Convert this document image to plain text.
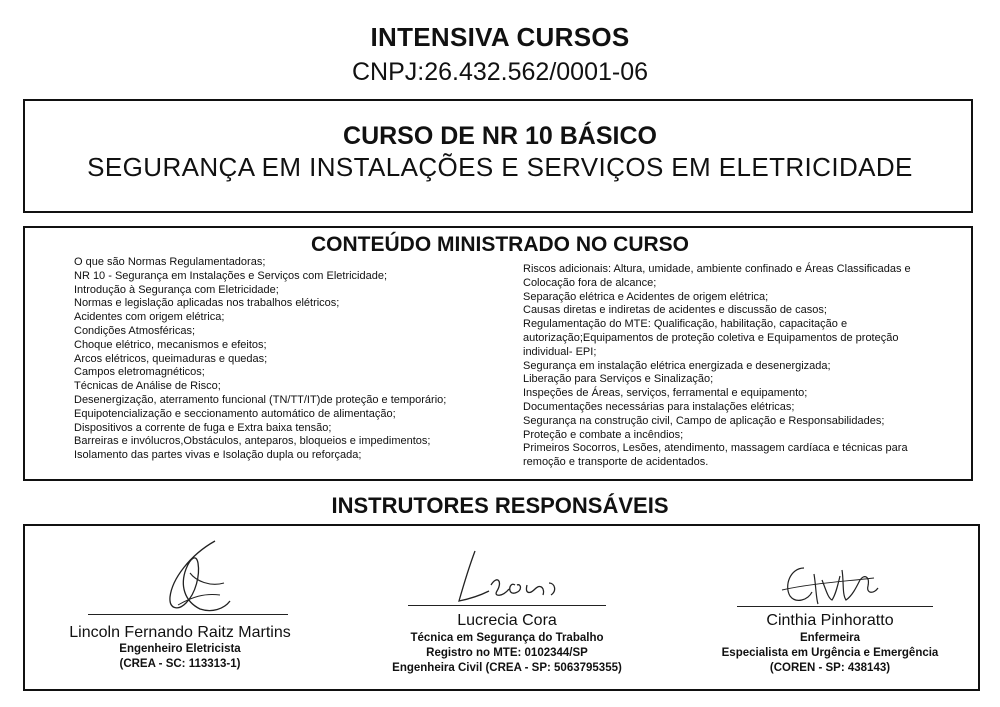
INTENSIVA CURSOS
CNPJ:26.432.562/0001-06
CURSO DE NR 10 BÁSICO
SEGURANÇA EM INSTALAÇÕES E SERVIÇOS EM ELETRICIDADE
CONTEÚDO MINISTRADO NO CURSO
O que são Normas Regulamentadoras;
NR 10 - Segurança em Instalações e Serviços com Eletricidade;
Introdução à Segurança com Eletricidade;
Normas e legislação aplicadas nos trabalhos elétricos;
Acidentes com origem elétrica;
Condições Atmosféricas;
Choque elétrico, mecanismos e efeitos;
Arcos elétricos, queimaduras e quedas;
Campos eletromagnéticos;
Técnicas de Análise de Risco;
Desenergização, aterramento funcional (TN/TT/IT)de proteção e temporário;
Equipotencialização e seccionamento automático de alimentação;
Dispositivos a corrente de fuga e Extra baixa tensão;
Barreiras e invólucros,Obstáculos, anteparos, bloqueios e impedimentos;
Isolamento das partes vivas e Isolação dupla ou reforçada;
Riscos adicionais: Altura, umidade, ambiente confinado e Áreas Classificadas e Colocação fora de alcance;
Separação elétrica e Acidentes de origem elétrica;
Causas diretas e indiretas de acidentes e discussão de casos;
Regulamentação do MTE: Qualificação, habilitação, capacitação e autorização;Equipamentos de proteção coletiva e Equipamentos de proteção individual- EPI;
Segurança em instalação elétrica energizada e desenergizada;
Liberação para Serviços e Sinalização;
Inspeções de Áreas, serviços, ferramental e equipamento;
Documentações necessárias para instalações elétricas;
Segurança na construção civil, Campo de aplicação e Responsabilidades;
Proteção e combate a incêndios;
Primeiros Socorros, Lesões, atendimento, massagem cardíaca e técnicas para remoção e transporte de acidentados.
INSTRUTORES RESPONSÁVEIS
Lincoln Fernando Raitz Martins
Engenheiro Eletricista
(CREA - SC: 113313-1)
Lucrecia Cora
Técnica em Segurança do Trabalho
Registro no MTE: 0102344/SP
Engenheira Civil (CREA - SP: 5063795355)
Cinthia Pinhoratto
Enfermeira
Especialista em Urgência e Emergência
(COREN - SP: 438143)
